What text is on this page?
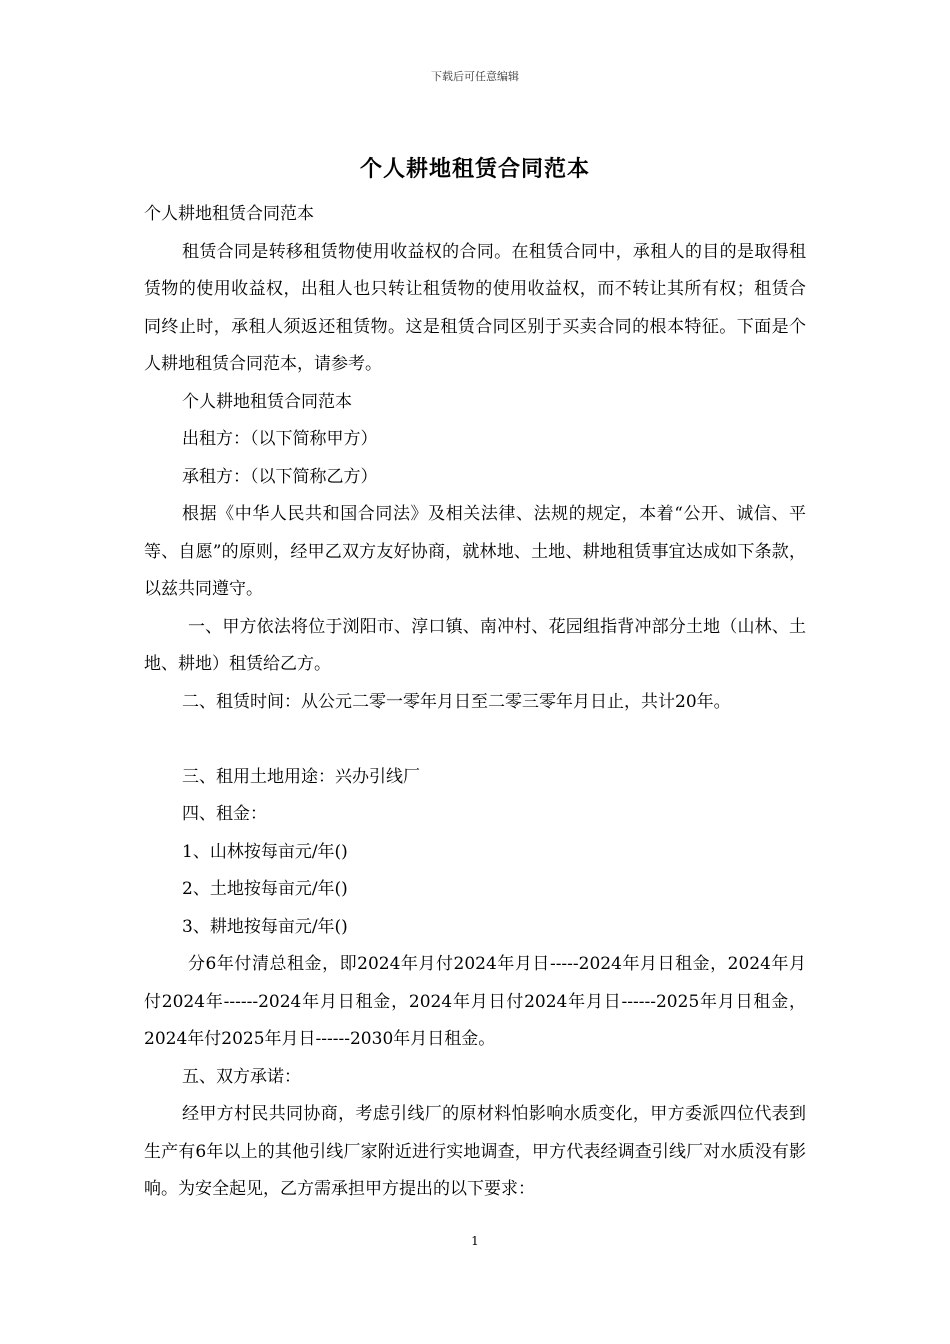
下载后可任意编辑
个人耕地租赁合同范本

个人耕地租赁合同范本

租赁合同是转移租赁物使用收益权的合同。在租赁合同中，承租人的目的是取得租赁物的使用收益权，出租人也只转让租赁物的使用收益权，而不转让其所有权；租赁合同终止时，承租人须返还租赁物。这是租赁合同区别于买卖合同的根本特征。下面是个人耕地租赁合同范本，请参考。

个人耕地租赁合同范本

出租方：（以下简称甲方）

承租方：（以下简称乙方）

根据《中华人民共和国合同法》及相关法律、法规的规定，本着“公开、诚信、平等、自愿”的原则，经甲乙双方友好协商，就林地、土地、耕地租赁事宜达成如下条款，以兹共同遵守。

一、甲方依法将位于浏阳市、淳口镇、南冲村、花园组指背冲部分土地（山林、土地、耕地）租赁给乙方。

二、租赁时间：从公元二零一零年月日至二零三零年月日止，共计20年。

三、租用土地用途：兴办引线厂

四、租金：

1、山林按每亩元/年()

2、土地按每亩元/年()

3、耕地按每亩元/年()

分6年付清总租金，即2024年月付2024年月日-----2024年月日租金，2024年月付2024年------2024年月日租金，2024年月日付2024年月日------2025年月日租金，2024年付2025年月日------2030年月日租金。

五、双方承诺：

经甲方村民共同协商，考虑引线厂的原材料怕影响水质变化，甲方委派四位代表到生产有6年以上的其他引线厂家附近进行实地调查，甲方代表经调查引线厂对水质没有影响。为安全起见，乙方需承担甲方提出的以下要求：

1
